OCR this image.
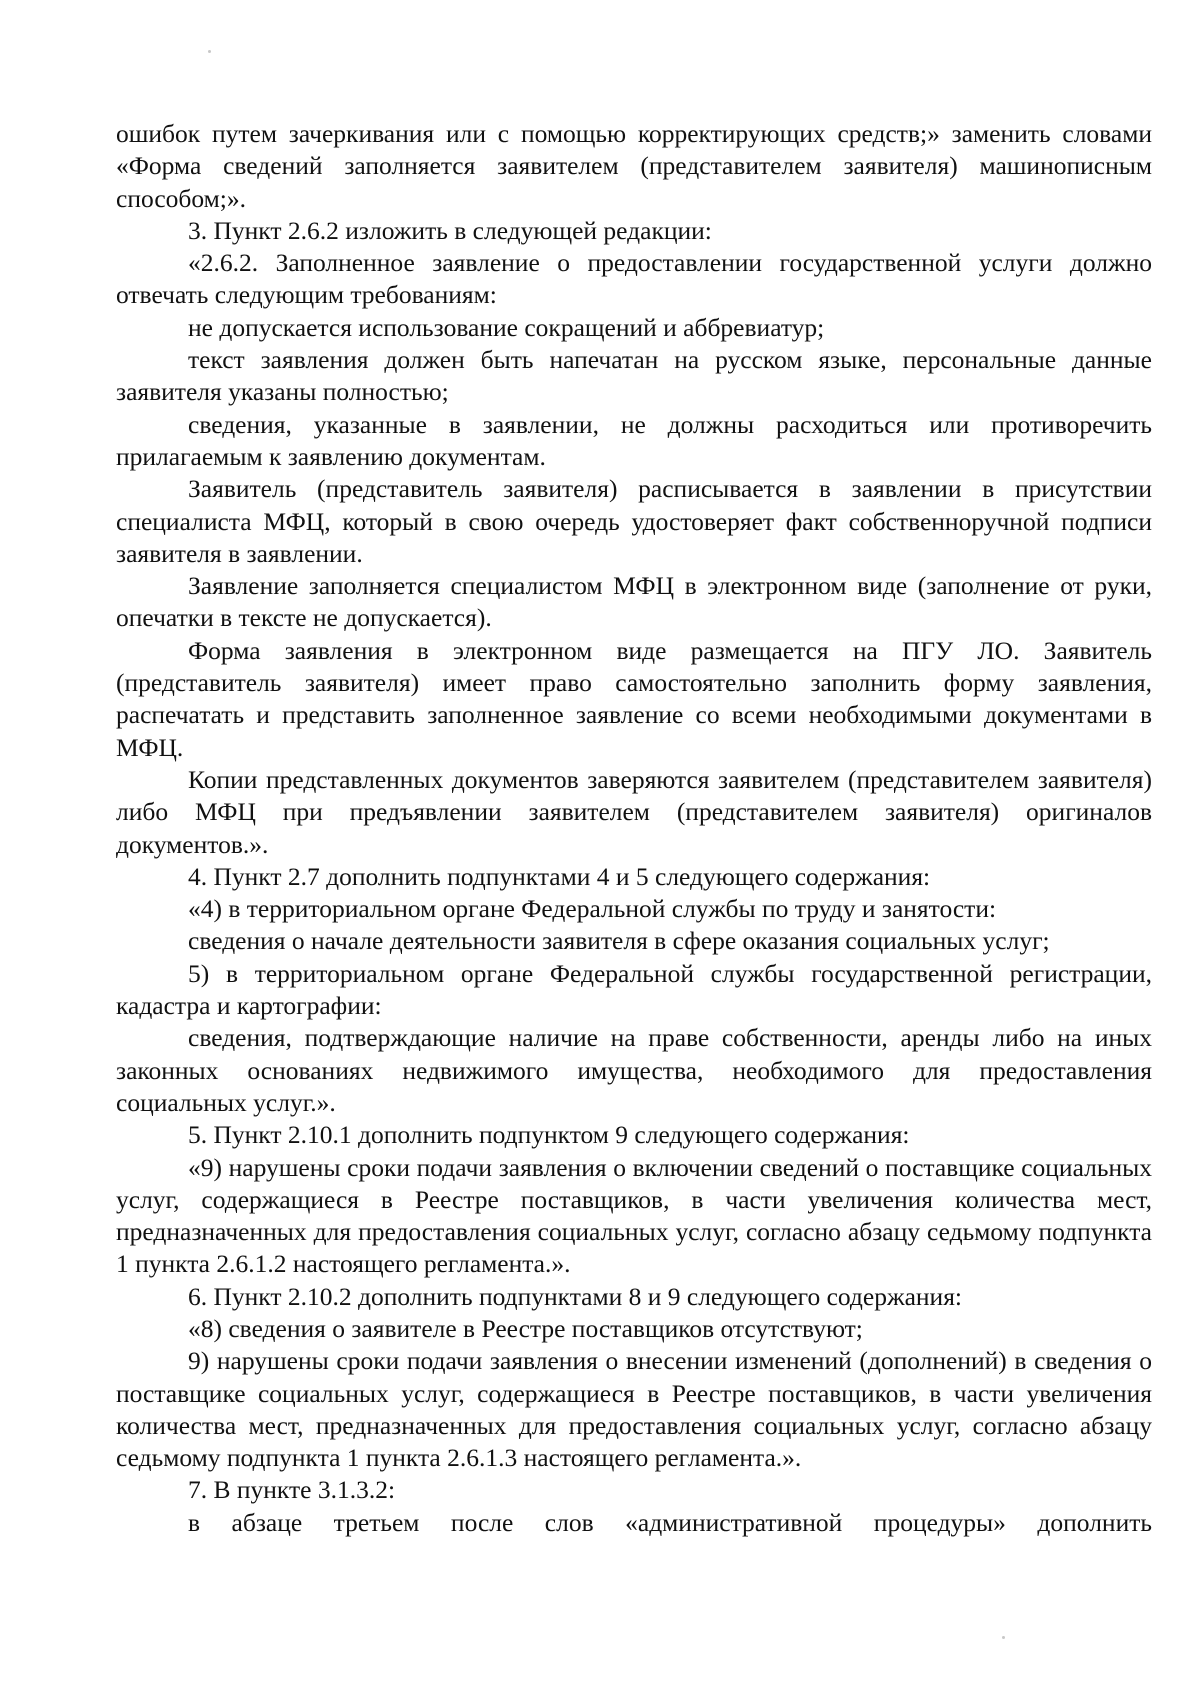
ошибок путем зачеркивания или с помощью корректирующих средств;» заменить словами «Форма сведений заполняется заявителем (представителем заявителя) машинописным способом;».

3. Пункт 2.6.2 изложить в следующей редакции:

«2.6.2. Заполненное заявление о предоставлении государственной услуги должно отвечать следующим требованиям:

не допускается использование сокращений и аббревиатур;

текст заявления должен быть напечатан на русском языке, персональные данные заявителя указаны полностью;

сведения, указанные в заявлении, не должны расходиться или противоречить прилагаемым к заявлению документам.

Заявитель (представитель заявителя) расписывается в заявлении в присутствии специалиста МФЦ, который в свою очередь удостоверяет факт собственноручной подписи заявителя в заявлении.

Заявление заполняется специалистом МФЦ в электронном виде (заполнение от руки, опечатки в тексте не допускается).

Форма заявления в электронном виде размещается на ПГУ ЛО. Заявитель (представитель заявителя) имеет право самостоятельно заполнить форму заявления, распечатать и представить заполненное заявление со всеми необходимыми документами в МФЦ.

Копии представленных документов заверяются заявителем (представителем заявителя) либо МФЦ при предъявлении заявителем (представителем заявителя) оригиналов документов.».

4. Пункт 2.7 дополнить подпунктами 4 и 5 следующего содержания:

«4) в территориальном органе Федеральной службы по труду и занятости:

сведения о начале деятельности заявителя в сфере оказания социальных услуг;

5) в территориальном органе Федеральной службы государственной регистрации, кадастра и картографии:

сведения, подтверждающие наличие на праве собственности, аренды либо на иных законных основаниях недвижимого имущества, необходимого для предоставления социальных услуг.».

5. Пункт 2.10.1 дополнить подпунктом 9 следующего содержания:

«9) нарушены сроки подачи заявления о включении сведений о поставщике социальных услуг, содержащиеся в Реестре поставщиков, в части увеличения количества мест, предназначенных для предоставления социальных услуг, согласно абзацу седьмому подпункта 1 пункта 2.6.1.2 настоящего регламента.».

6. Пункт 2.10.2 дополнить подпунктами 8 и 9 следующего содержания:

«8) сведения о заявителе в Реестре поставщиков отсутствуют;

9) нарушены сроки подачи заявления о внесении изменений (дополнений) в сведения о поставщике социальных услуг, содержащиеся в Реестре поставщиков, в части увеличения количества мест, предназначенных для предоставления социальных услуг, согласно абзацу седьмому подпункта 1 пункта 2.6.1.3 настоящего регламента.».

7. В пункте 3.1.3.2:

в абзаце третьем после слов «административной процедуры» дополнить
